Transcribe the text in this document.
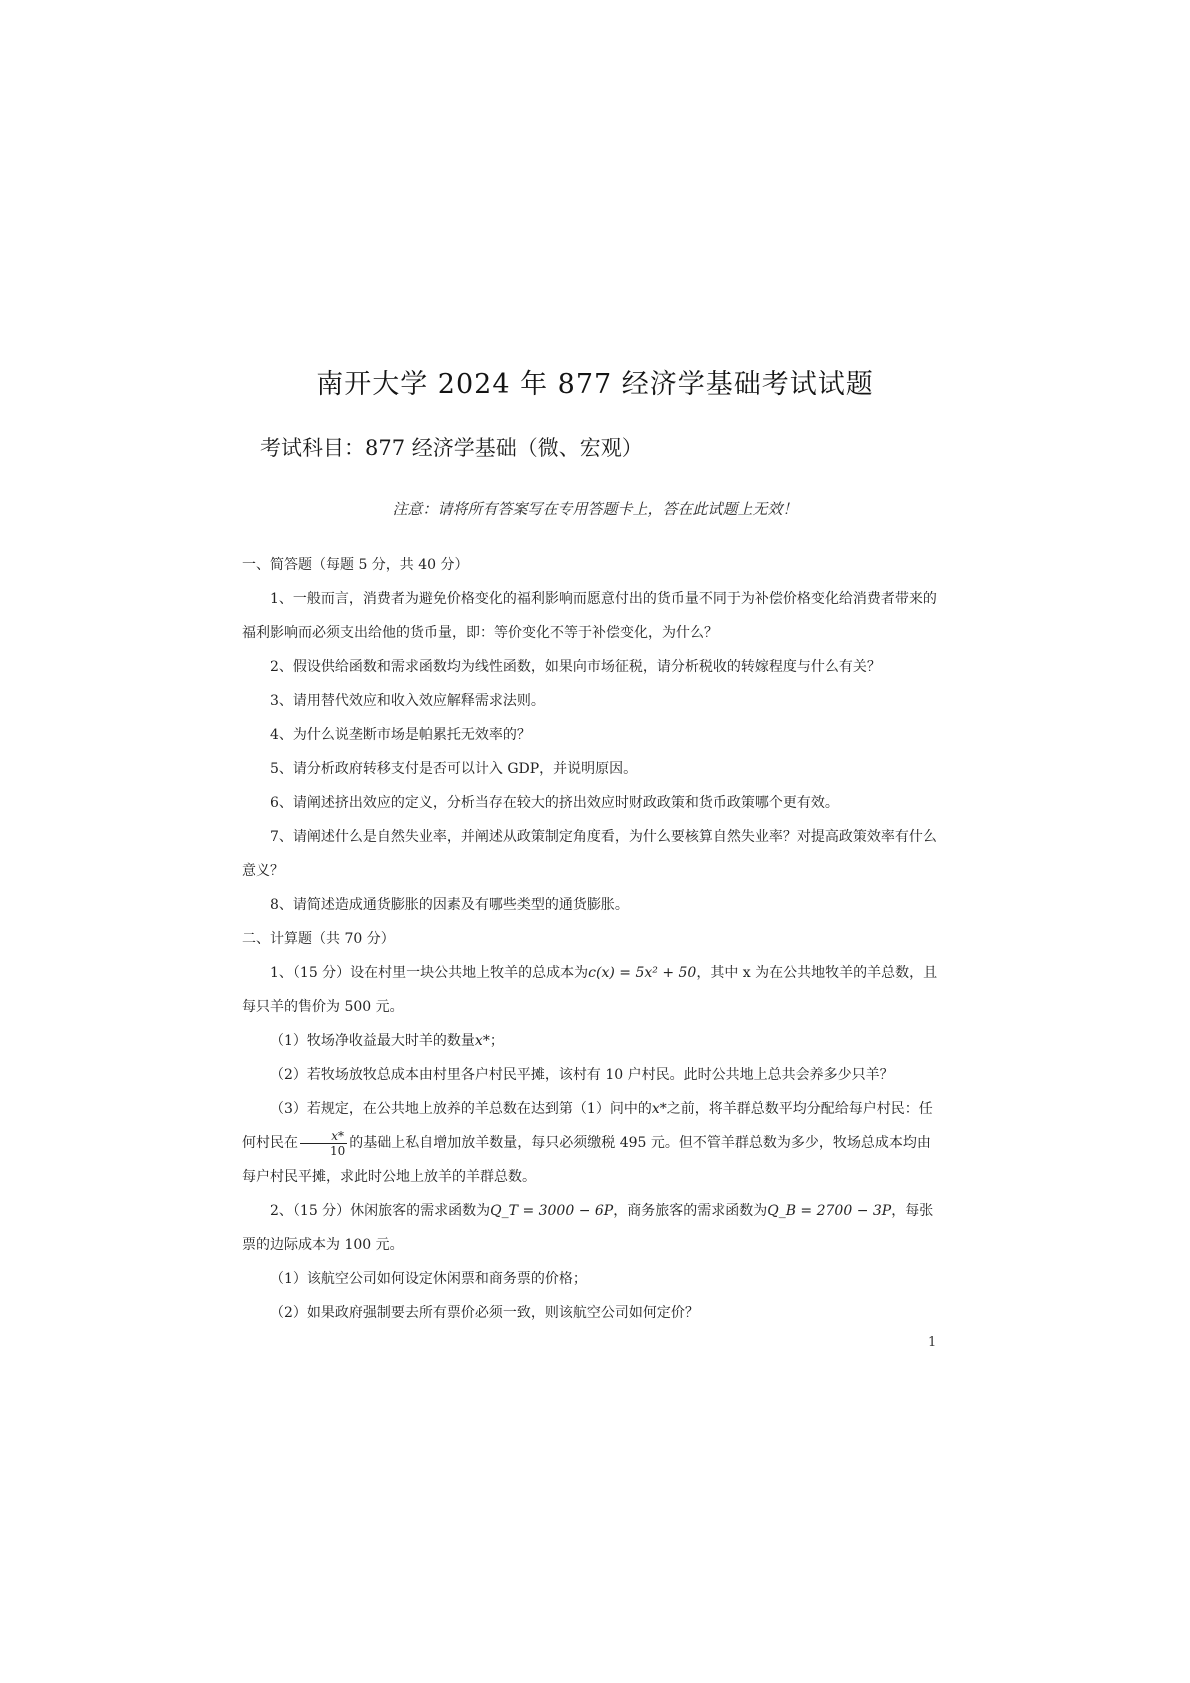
南开大学 2024 年 877 经济学基础考试试题
考试科目：877 经济学基础（微、宏观）
注意：请将所有答案写在专用答题卡上，答在此试题上无效！

一、简答题（每题 5 分，共 40 分）

1、一般而言，消费者为避免价格变化的福利影响而愿意付出的货币量不同于为补偿价格变化给消费者带来的福利影响而必须支出给他的货币量，即：等价变化不等于补偿变化，为什么？

2、假设供给函数和需求函数均为线性函数，如果向市场征税，请分析税收的转嫁程度与什么有关？

3、请用替代效应和收入效应解释需求法则。

4、为什么说垄断市场是帕累托无效率的？

5、请分析政府转移支付是否可以计入 GDP，并说明原因。

6、请阐述挤出效应的定义，分析当存在较大的挤出效应时财政政策和货币政策哪个更有效。

7、请阐述什么是自然失业率，并阐述从政策制定角度看，为什么要核算自然失业率？对提高政策效率有什么意义？

8、请简述造成通货膨胀的因素及有哪些类型的通货膨胀。

二、计算题（共 70 分）

1、（15 分）设在村里一块公共地上牧羊的总成本为c(x) = 5x² + 50，其中 x 为在公共地牧羊的羊总数，且每只羊的售价为 500 元。

（1）牧场净收益最大时羊的数量x*；

（2）若牧场放牧总成本由村里各户村民平摊，该村有 10 户村民。此时公共地上总共会养多少只羊？

（3）若规定，在公共地上放养的羊总数在达到第（1）问中的x*之前，将羊群总数平均分配给每户村民：任何村民在 $\frac{x*}{10}$ 的基础上私自增加放羊数量，每只必须缴税 495 元。但不管羊群总数为多少，牧场总成本均由每户村民平摊，求此时公地上放羊的羊群总数。

2、（15 分）休闲旅客的需求函数为Q_T = 3000 − 6P，商务旅客的需求函数为Q_B = 2700 − 3P，每张票的边际成本为 100 元。

（1）该航空公司如何设定休闲票和商务票的价格；

（2）如果政府强制要去所有票价必须一致，则该航空公司如何定价？

1
